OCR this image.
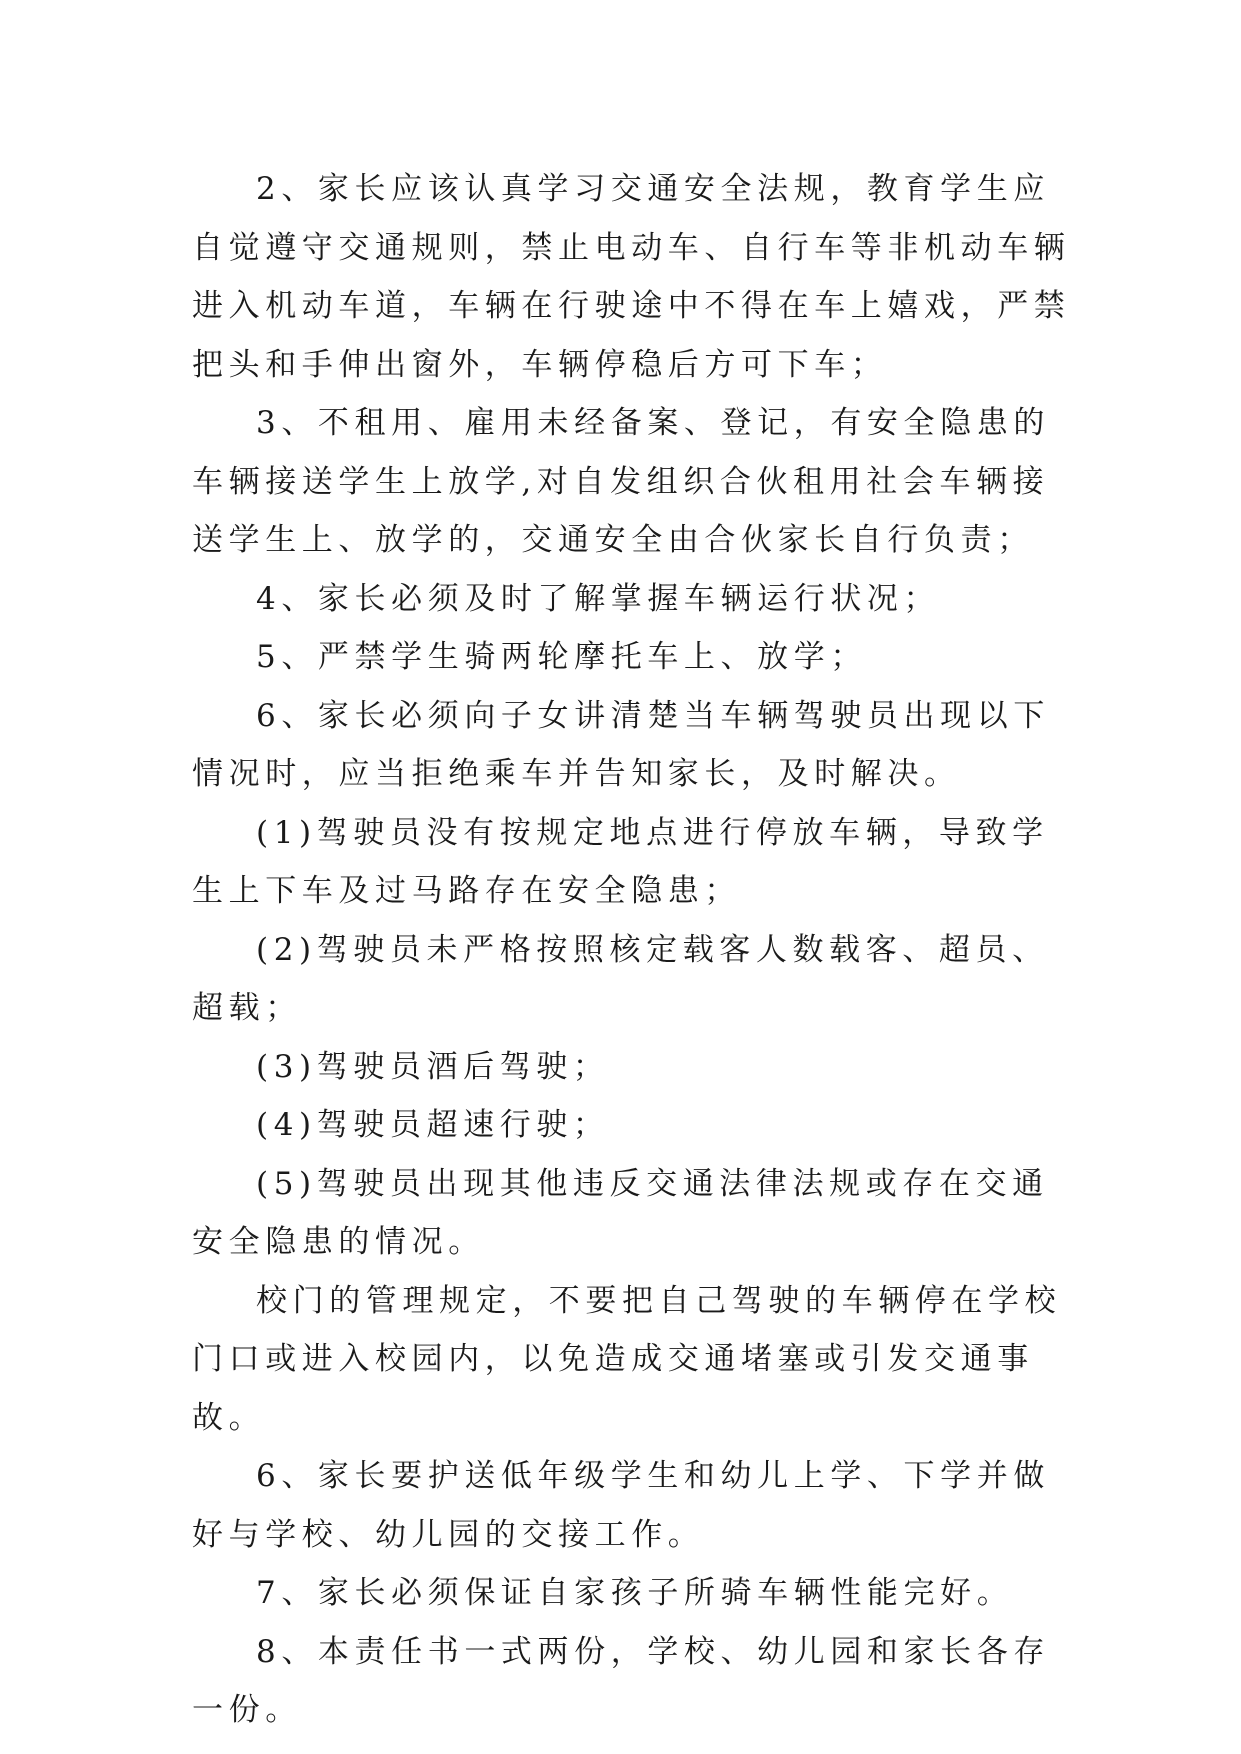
2、家长应该认真学习交通安全法规，教育学生应自觉遵守交通规则，禁止电动车、自行车等非机动车辆进入机动车道，车辆在行驶途中不得在车上嬉戏，严禁把头和手伸出窗外，车辆停稳后方可下车；

3、不租用、雇用未经备案、登记，有安全隐患的车辆接送学生上放学,对自发组织合伙租用社会车辆接送学生上、放学的，交通安全由合伙家长自行负责；

4、家长必须及时了解掌握车辆运行状况；

5、严禁学生骑两轮摩托车上、放学；

6、家长必须向子女讲清楚当车辆驾驶员出现以下情况时，应当拒绝乘车并告知家长，及时解决。

(1)驾驶员没有按规定地点进行停放车辆，导致学生上下车及过马路存在安全隐患；

(2)驾驶员未严格按照核定载客人数载客、超员、超载；

(3)驾驶员酒后驾驶；

(4)驾驶员超速行驶；

(5)驾驶员出现其他违反交通法律法规或存在交通安全隐患的情况。

校门的管理规定，不要把自己驾驶的车辆停在学校门口或进入校园内，以免造成交通堵塞或引发交通事故。

6、家长要护送低年级学生和幼儿上学、下学并做好与学校、幼儿园的交接工作。

7、家长必须保证自家孩子所骑车辆性能完好。

8、本责任书一式两份，学校、幼儿园和家长各存一份。
